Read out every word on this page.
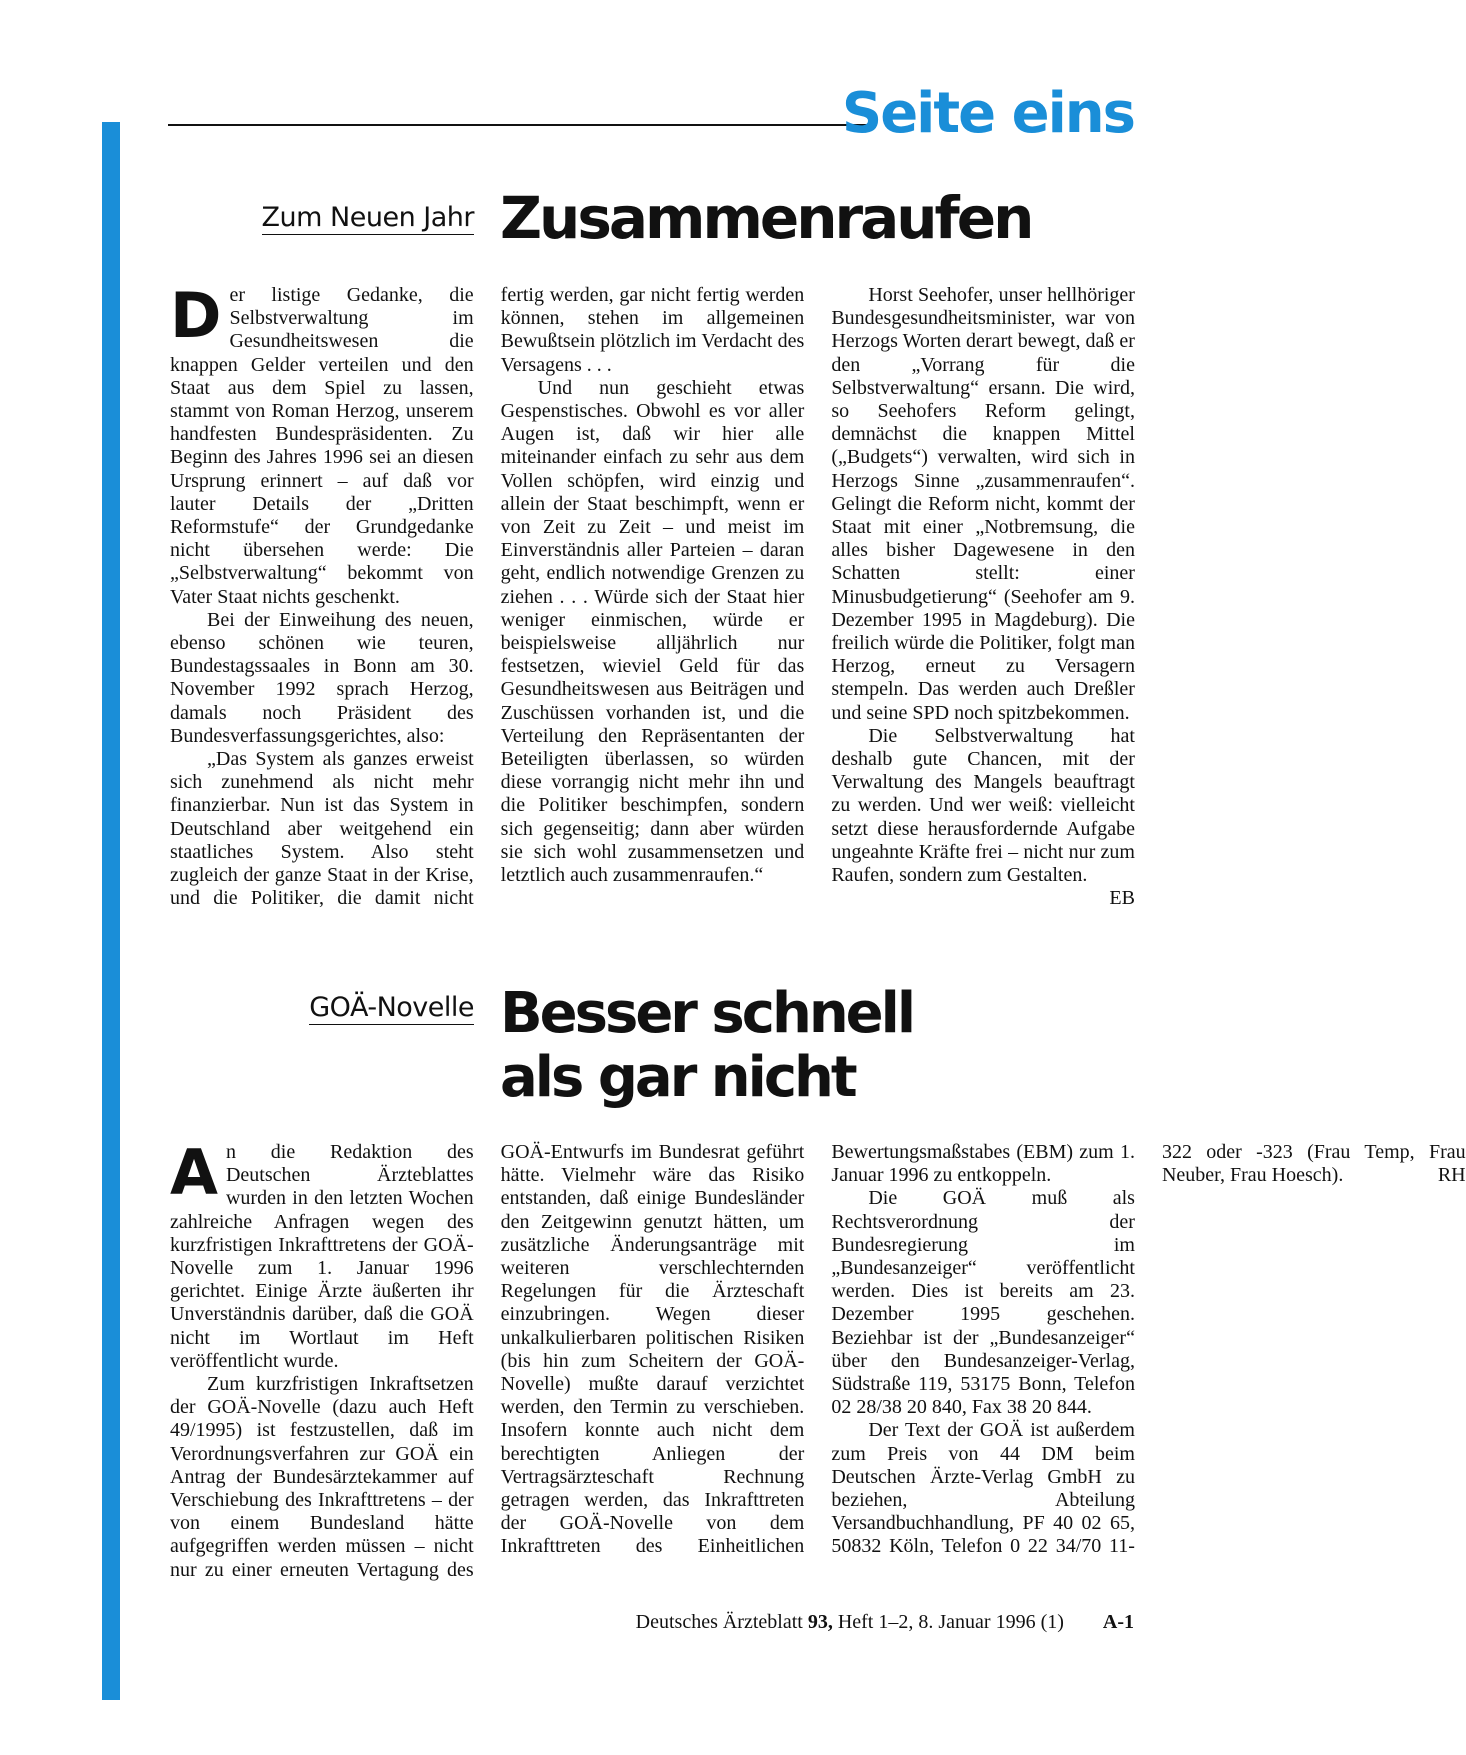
Seite eins
Zum Neuen Jahr Zusammenraufen

Der listige Gedanke, die Selbstverwaltung im Gesundheitswesen die knappen Gelder verteilen und den Staat aus dem Spiel zu lassen, stammt von Roman Herzog, unserem handfesten Bundespräsidenten. Zu Beginn des Jahres 1996 sei an diesen Ursprung erinnert – auf daß vor lauter Details der „Dritten Reformstufe“ der Grundgedanke nicht übersehen werde: Die „Selbstverwaltung“ bekommt von Vater Staat nichts geschenkt.

Bei der Einweihung des neuen, ebenso schönen wie teuren, Bundestagssaales in Bonn am 30. November 1992 sprach Herzog, damals noch Präsident des Bundesverfassungsgerichtes, also:

„Das System als ganzes erweist sich zunehmend als nicht mehr finanzierbar. Nun ist das System in Deutschland aber weitgehend ein staatliches System. Also steht zugleich der ganze Staat in der Krise, und die Politiker, die damit nicht fertig werden, gar nicht fertig werden können, stehen im allgemeinen Bewußtsein plötzlich im Verdacht des Versagens . . .

Und nun geschieht etwas Gespenstisches. Obwohl es vor aller Augen ist, daß wir hier alle miteinander einfach zu sehr aus dem Vollen schöpfen, wird einzig und allein der Staat beschimpft, wenn er von Zeit zu Zeit – und meist im Einverständnis aller Parteien – daran geht, endlich notwendige Grenzen zu ziehen . . . Würde sich der Staat hier weniger einmischen, würde er beispielsweise alljährlich nur festsetzen, wieviel Geld für das Gesundheitswesen aus Beiträgen und Zuschüssen vorhanden ist, und die Verteilung den Repräsentanten der Beteiligten überlassen, so würden diese vorrangig nicht mehr ihn und die Politiker beschimpfen, sondern sich gegenseitig; dann aber würden sie sich wohl zusammensetzen und letztlich auch zusammenraufen.“

Horst Seehofer, unser hellhöriger Bundesgesundheitsminister, war von Herzogs Worten derart bewegt, daß er den „Vorrang für die Selbstverwaltung“ ersann. Die wird, so Seehofers Reform gelingt, demnächst die knappen Mittel („Budgets“) verwalten, wird sich in Herzogs Sinne „zusammenraufen“. Gelingt die Reform nicht, kommt der Staat mit einer „Notbremsung, die alles bisher Dagewesene in den Schatten stellt: einer Minusbudgetierung“ (Seehofer am 9. Dezember 1995 in Magdeburg). Die freilich würde die Politiker, folgt man Herzog, erneut zu Versagern stempeln. Das werden auch Dreßler und seine SPD noch spitzbekommen.

Die Selbstverwaltung hat deshalb gute Chancen, mit der Verwaltung des Mangels beauftragt zu werden. Und wer weiß: vielleicht setzt diese herausfordernde Aufgabe ungeahnte Kräfte frei – nicht nur zum Raufen, sondern zum Gestalten.
EB

GOÄ-Novelle Besser schnell
als gar nicht

An die Redaktion des Deutschen Ärzteblattes wurden in den letzten Wochen zahlreiche Anfragen wegen des kurzfristigen Inkrafttretens der GOÄ-Novelle zum 1. Januar 1996 gerichtet. Einige Ärzte äußerten ihr Unverständnis darüber, daß die GOÄ nicht im Wortlaut im Heft veröffentlicht wurde.

Zum kurzfristigen Inkraftsetzen der GOÄ-Novelle (dazu auch Heft 49/1995) ist festzustellen, daß im Verordnungsverfahren zur GOÄ ein Antrag der Bundesärztekammer auf Verschiebung des Inkrafttretens – der von einem Bundesland hätte aufgegriffen werden müssen – nicht nur zu einer erneuten Vertagung des GOÄ-Entwurfs im Bundesrat geführt hätte. Vielmehr wäre das Risiko entstanden, daß einige Bundesländer den Zeitgewinn genutzt hätten, um zusätzliche Änderungsanträge mit weiteren verschlechternden Regelungen für die Ärzteschaft einzubringen. Wegen dieser unkalkulierbaren politischen Risiken (bis hin zum Scheitern der GOÄ-Novelle) mußte darauf verzichtet werden, den Termin zu verschieben. Insofern konnte auch nicht dem berechtigten Anliegen der Vertragsärzteschaft Rechnung getragen werden, das Inkrafttreten der GOÄ-Novelle von dem Inkrafttreten des Einheitlichen Bewertungsmaßstabes (EBM) zum 1. Januar 1996 zu entkoppeln.

Die GOÄ muß als Rechtsverordnung der Bundesregierung im „Bundesanzeiger“ veröffentlicht werden. Dies ist bereits am 23. Dezember 1995 geschehen. Beziehbar ist der „Bundesanzeiger“ über den Bundesanzeiger-Verlag, Südstraße 119, 53175 Bonn, Telefon 02 28/38 20 840, Fax 38 20 844.

Der Text der GOÄ ist außerdem zum Preis von 44 DM beim Deutschen Ärzte-Verlag GmbH zu beziehen, Abteilung Versandbuchhandlung, PF 40 02 65, 50832 Köln, Telefon 0 22 34/70 11-322 oder -323 (Frau Temp, Frau Neuber, Frau Hoesch).	RH

Deutsches Ärzteblatt 93, Heft 1–2, 8. Januar 1996 (1) A-1
